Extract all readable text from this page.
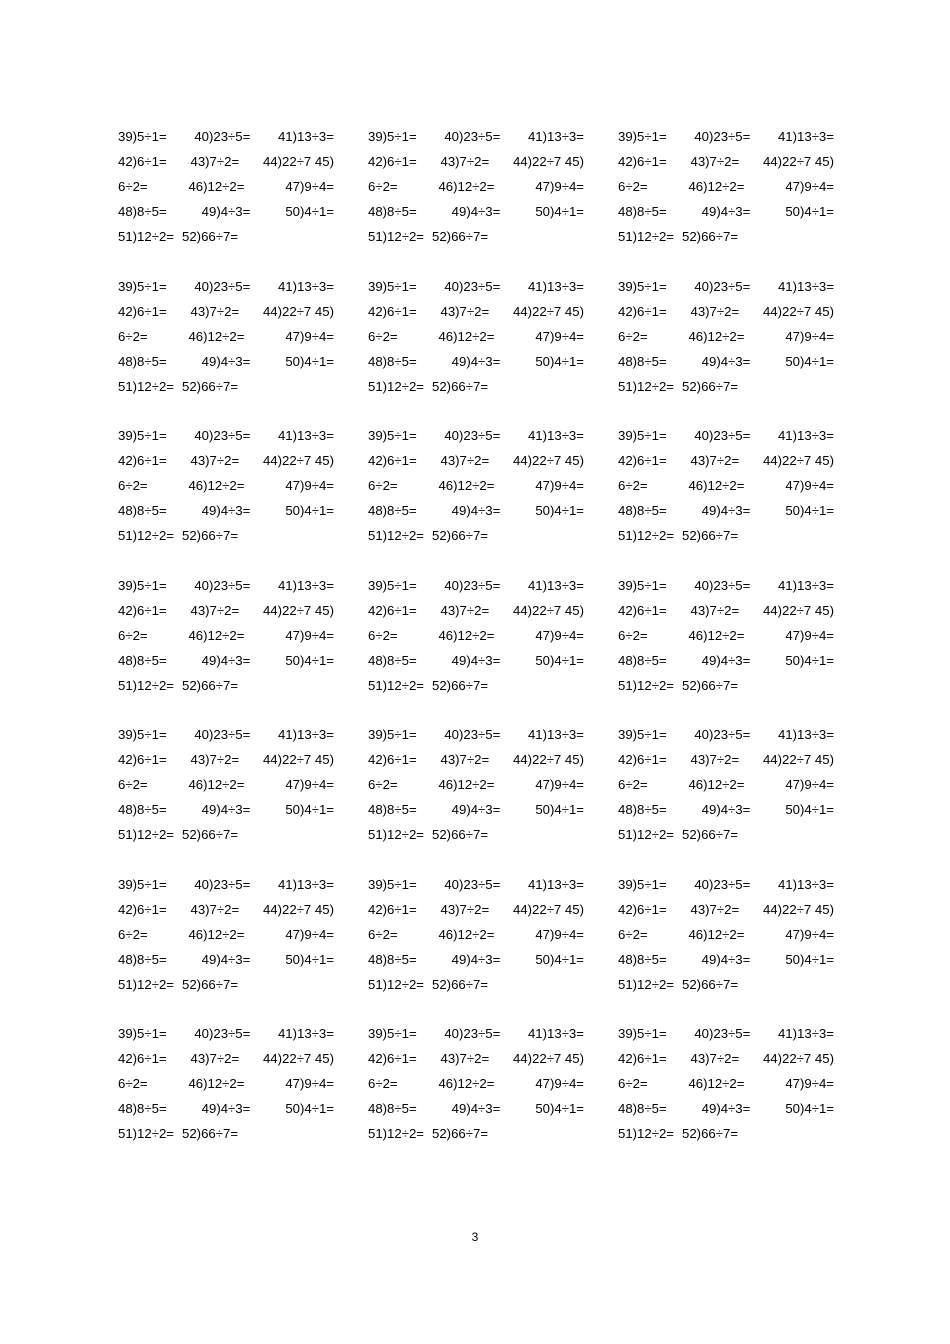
39)5÷1= 40)23÷5= 41)13÷3=
42)6÷1= 43)7÷2= 44)22÷7 45)
6÷2=	46)12÷2=	47)9÷4=
48)8÷5=	49)4÷3=	50)4÷1=
51)12÷2= 52)66÷7=
39)5÷1= 40)23÷5= 41)13÷3=
42)6÷1= 43)7÷2= 44)22÷7 45)
6÷2=	46)12÷2=	47)9÷4=
48)8÷5=	49)4÷3=	50)4÷1=
51)12÷2= 52)66÷7=
39)5÷1= 40)23÷5= 41)13÷3=
42)6÷1= 43)7÷2= 44)22÷7 45)
6÷2=	46)12÷2=	47)9÷4=
48)8÷5=	49)4÷3=	50)4÷1=
51)12÷2= 52)66÷7=
39)5÷1= 40)23÷5= 41)13÷3=
42)6÷1= 43)7÷2= 44)22÷7 45)
6÷2=	46)12÷2=	47)9÷4=
48)8÷5=	49)4÷3=	50)4÷1=
51)12÷2= 52)66÷7=
39)5÷1= 40)23÷5= 41)13÷3=
42)6÷1= 43)7÷2= 44)22÷7 45)
6÷2=	46)12÷2=	47)9÷4=
48)8÷5=	49)4÷3=	50)4÷1=
51)12÷2= 52)66÷7=
39)5÷1= 40)23÷5= 41)13÷3=
42)6÷1= 43)7÷2= 44)22÷7 45)
6÷2=	46)12÷2=	47)9÷4=
48)8÷5=	49)4÷3=	50)4÷1=
51)12÷2= 52)66÷7=
39)5÷1= 40)23÷5= 41)13÷3=
42)6÷1= 43)7÷2= 44)22÷7 45)
6÷2=	46)12÷2=	47)9÷4=
48)8÷5=	49)4÷3=	50)4÷1=
51)12÷2= 52)66÷7=
39)5÷1= 40)23÷5= 41)13÷3=
42)6÷1= 43)7÷2= 44)22÷7 45)
6÷2=	46)12÷2=	47)9÷4=
48)8÷5=	49)4÷3=	50)4÷1=
51)12÷2= 52)66÷7=
39)5÷1= 40)23÷5= 41)13÷3=
42)6÷1= 43)7÷2= 44)22÷7 45)
6÷2=	46)12÷2=	47)9÷4=
48)8÷5=	49)4÷3=	50)4÷1=
51)12÷2= 52)66÷7=
39)5÷1= 40)23÷5= 41)13÷3=
42)6÷1= 43)7÷2= 44)22÷7 45)
6÷2=	46)12÷2=	47)9÷4=
48)8÷5=	49)4÷3=	50)4÷1=
51)12÷2= 52)66÷7=
39)5÷1= 40)23÷5= 41)13÷3=
42)6÷1= 43)7÷2= 44)22÷7 45)
6÷2=	46)12÷2=	47)9÷4=
48)8÷5=	49)4÷3=	50)4÷1=
51)12÷2= 52)66÷7=
39)5÷1= 40)23÷5= 41)13÷3=
42)6÷1= 43)7÷2= 44)22÷7 45)
6÷2=	46)12÷2=	47)9÷4=
48)8÷5=	49)4÷3=	50)4÷1=
51)12÷2= 52)66÷7=
39)5÷1= 40)23÷5= 41)13÷3=
42)6÷1= 43)7÷2= 44)22÷7 45)
6÷2=	46)12÷2=	47)9÷4=
48)8÷5=	49)4÷3=	50)4÷1=
51)12÷2= 52)66÷7=
39)5÷1= 40)23÷5= 41)13÷3=
42)6÷1= 43)7÷2= 44)22÷7 45)
6÷2=	46)12÷2=	47)9÷4=
48)8÷5=	49)4÷3=	50)4÷1=
51)12÷2= 52)66÷7=
39)5÷1= 40)23÷5= 41)13÷3=
42)6÷1= 43)7÷2= 44)22÷7 45)
6÷2=	46)12÷2=	47)9÷4=
48)8÷5=	49)4÷3=	50)4÷1=
51)12÷2= 52)66÷7=
39)5÷1= 40)23÷5= 41)13÷3=
42)6÷1= 43)7÷2= 44)22÷7 45)
6÷2=	46)12÷2=	47)9÷4=
48)8÷5=	49)4÷3=	50)4÷1=
51)12÷2= 52)66÷7=
39)5÷1= 40)23÷5= 41)13÷3=
42)6÷1= 43)7÷2= 44)22÷7 45)
6÷2=	46)12÷2=	47)9÷4=
48)8÷5=	49)4÷3=	50)4÷1=
51)12÷2= 52)66÷7=
39)5÷1= 40)23÷5= 41)13÷3=
42)6÷1= 43)7÷2= 44)22÷7 45)
6÷2=	46)12÷2=	47)9÷4=
48)8÷5=	49)4÷3=	50)4÷1=
51)12÷2= 52)66÷7=
39)5÷1= 40)23÷5= 41)13÷3=
42)6÷1= 43)7÷2= 44)22÷7 45)
6÷2=	46)12÷2=	47)9÷4=
48)8÷5=	49)4÷3=	50)4÷1=
51)12÷2= 52)66÷7=
39)5÷1= 40)23÷5= 41)13÷3=
42)6÷1= 43)7÷2= 44)22÷7 45)
6÷2=	46)12÷2=	47)9÷4=
48)8÷5=	49)4÷3=	50)4÷1=
51)12÷2= 52)66÷7=
39)5÷1= 40)23÷5= 41)13÷3=
42)6÷1= 43)7÷2= 44)22÷7 45)
6÷2=	46)12÷2=	47)9÷4=
48)8÷5=	49)4÷3=	50)4÷1=
51)12÷2= 52)66÷7=
3
